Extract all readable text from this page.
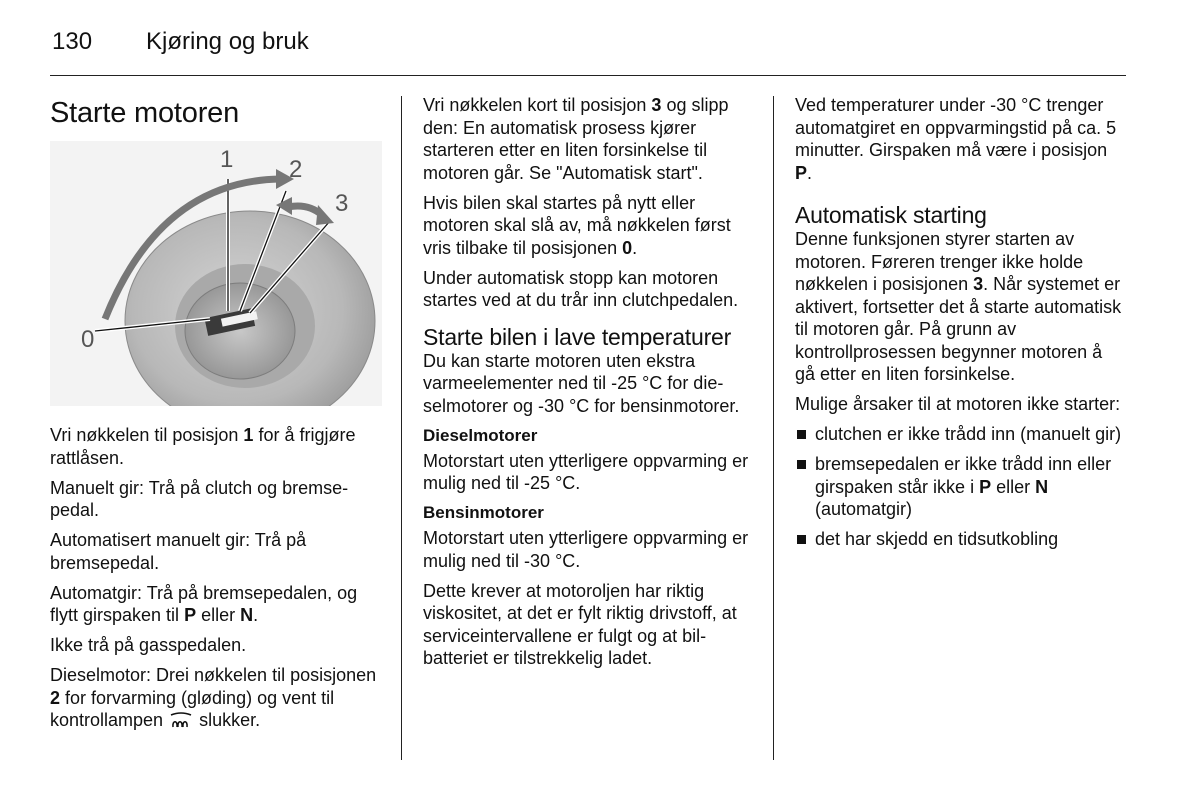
130 Kjøring og bruk
Starte motoren
1 2
3
0

Vri nøkkelen til posisjon 1 for å frigjøre rattlåsen.

Manuelt gir: Trå på clutch og bremsepedal.

Automatisert manuelt gir: Trå på bremsepedal.

Automatgir: Trå på bremsepedalen, og flytt girspaken til P eller N.

Ikke trå på gasspedalen.

Dieselmotor: Drei nøkkelen til posisjonen 2 for forvarming (gløding) og vent til kontrollampen  slukker.

Vri nøkkelen kort til posisjon 3 og slipp den: En automatisk prosess kjører starteren etter en liten forsinkelse til motoren går. Se "Automatisk start".

Hvis bilen skal startes på nytt eller motoren skal slå av, må nøkkelen først vris tilbake til posisjonen 0.

Under automatisk stopp kan motoren startes ved at du trår inn clutchpedalen.

Starte bilen i lave temperaturer

Du kan starte motoren uten ekstra varmeelementer ned til -25 °C for dieselmotorer og -30 °C for bensinmotorer.

Dieselmotorer

Motorstart uten ytterligere oppvarming er mulig ned til -25 °C.

Bensinmotorer

Motorstart uten ytterligere oppvarming er mulig ned til -30 °C.

Dette krever at motoroljen har riktig viskositet, at det er fylt riktig drivstoff, at serviceintervallene er fulgt og at bilbatteriet er tilstrekkelig ladet.

Ved temperaturer under -30 °C trenger automatgiret en oppvarmingstid på ca. 5 minutter. Girspaken må være i posisjon P.

Automatisk starting

Denne funksjonen styrer starten av motoren. Føreren trenger ikke holde nøkkelen i posisjonen 3. Når systemet er aktivert, fortsetter det å starte automatisk til motoren går. På grunn av kontrollprosessen begynner motoren å gå etter en liten forsinkelse.

Mulige årsaker til at motoren ikke starter:

clutchen er ikke trådd inn (manuelt gir)
bremsepedalen er ikke trådd inn eller girspaken står ikke i P eller N (automatgir)
det har skjedd en tidsutkobling
